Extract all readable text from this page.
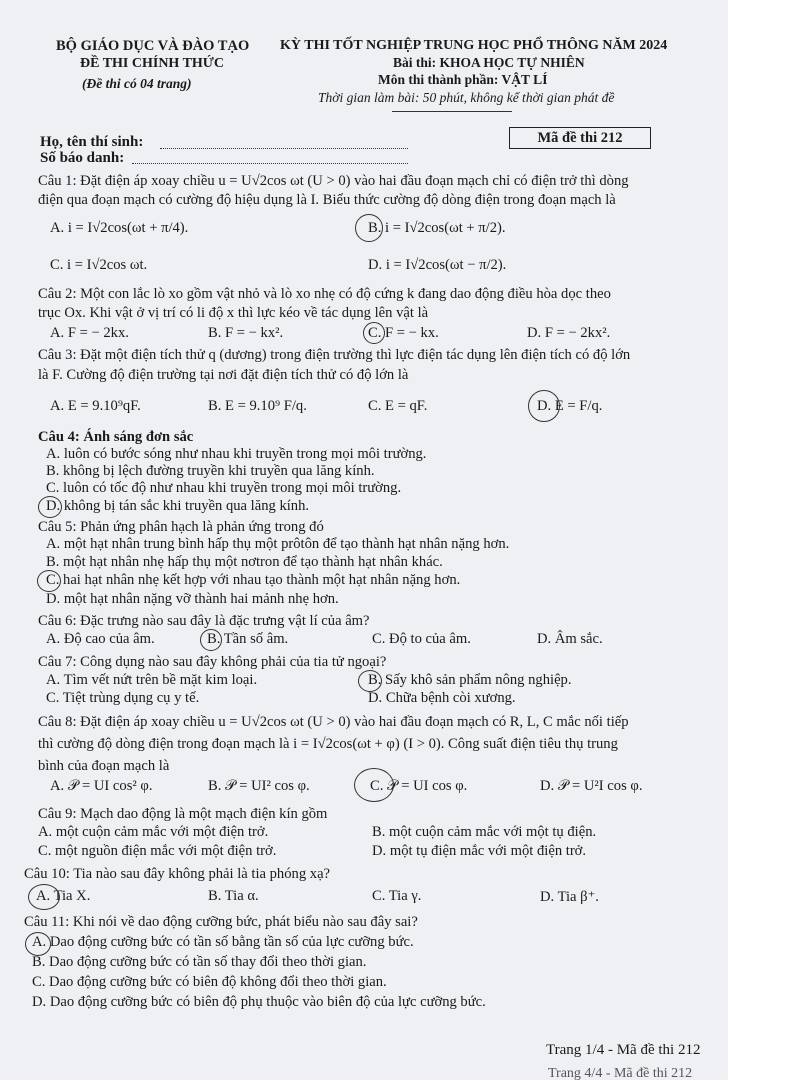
BỘ GIÁO DỤC VÀ ĐÀO TẠO
ĐỀ THI CHÍNH THỨC
(Đề thi có 04 trang)
KỲ THI TỐT NGHIỆP TRUNG HỌC PHỔ THÔNG NĂM 2024
Bài thi: KHOA HỌC TỰ NHIÊN
Môn thi thành phần: VẬT LÍ
Thời gian làm bài: 50 phút, không kể thời gian phát đề
Họ, tên thí sinh:
Số báo danh:
Mã đề thi 212
Câu 1: Đặt điện áp xoay chiều u = U√2cos ωt (U > 0) vào hai đầu đoạn mạch chỉ có điện trở thì dòng
điện qua đoạn mạch có cường độ hiệu dụng là I. Biểu thức cường độ dòng điện trong đoạn mạch là
A. i = I√2cos(ωt + π/4).	B. i = I√2cos(ωt + π/2).
C. i = I√2cos ωt.	D. i = I√2cos(ωt − π/2).
Câu 2: Một con lắc lò xo gồm vật nhỏ và lò xo nhẹ có độ cứng k đang dao động điều hòa dọc theo
trục Ox. Khi vật ở vị trí có li độ x thì lực kéo về tác dụng lên vật là
A. F = − 2kx.	B. F = − kx².	C. F = − kx.	D. F = − 2kx².
Câu 3: Đặt một điện tích thử q (dương) trong điện trường thì lực điện tác dụng lên điện tích có độ lớn
là F. Cường độ điện trường tại nơi đặt điện tích thử có độ lớn là
A. E = 9.10⁹qF.	B. E = 9.10⁹ F/q.	C. E = qF.	D. E = F/q.
Câu 4: Ánh sáng đơn sắc
A. luôn có bước sóng như nhau khi truyền trong mọi môi trường.
B. không bị lệch đường truyền khi truyền qua lăng kính.
C. luôn có tốc độ như nhau khi truyền trong mọi môi trường.
D. không bị tán sắc khi truyền qua lăng kính.
Câu 5: Phản ứng phân hạch là phản ứng trong đó
A. một hạt nhân trung bình hấp thụ một prôtôn để tạo thành hạt nhân nặng hơn.
B. một hạt nhân nhẹ hấp thụ một nơtron để tạo thành hạt nhân khác.
C. hai hạt nhân nhẹ kết hợp với nhau tạo thành một hạt nhân nặng hơn.
D. một hạt nhân nặng vỡ thành hai mảnh nhẹ hơn.
Câu 6: Đặc trưng nào sau đây là đặc trưng vật lí của âm?
A. Độ cao của âm.	B. Tần số âm.	C. Độ to của âm.	D. Âm sắc.
Câu 7: Công dụng nào sau đây không phải của tia tử ngoại?
A. Tìm vết nứt trên bề mặt kim loại.	B. Sấy khô sản phẩm nông nghiệp.
C. Tiệt trùng dụng cụ y tế.	D. Chữa bệnh còi xương.
Câu 8: Đặt điện áp xoay chiều u = U√2cos ωt (U > 0) vào hai đầu đoạn mạch có R, L, C mắc nối tiếp
thì cường độ dòng điện trong đoạn mạch là i = I√2cos(ωt + φ) (I > 0). Công suất điện tiêu thụ trung
bình của đoạn mạch là
A. 𝒫 = UI cos² φ.	B. 𝒫 = UI² cos φ.	C. 𝒫 = UI cos φ.	D. 𝒫 = U²I cos φ.
Câu 9: Mạch dao động là một mạch điện kín gồm
A. một cuộn cảm mắc với một điện trở.	B. một cuộn cảm mắc với một tụ điện.
C. một nguồn điện mắc với một điện trở.	D. một tụ điện mắc với một điện trở.
Câu 10: Tia nào sau đây không phải là tia phóng xạ?
A. Tia X.	B. Tia α.	C. Tia γ.	D. Tia β⁺.
Câu 11: Khi nói về dao động cưỡng bức, phát biểu nào sau đây sai?
A. Dao động cưỡng bức có tần số bằng tần số của lực cưỡng bức.
B. Dao động cưỡng bức có tần số thay đổi theo thời gian.
C. Dao động cưỡng bức có biên độ không đổi theo thời gian.
D. Dao động cưỡng bức có biên độ phụ thuộc vào biên độ của lực cưỡng bức.
Trang 1/4 - Mã đề thi 212
Trang 4/4 - Mã đề thi 212
